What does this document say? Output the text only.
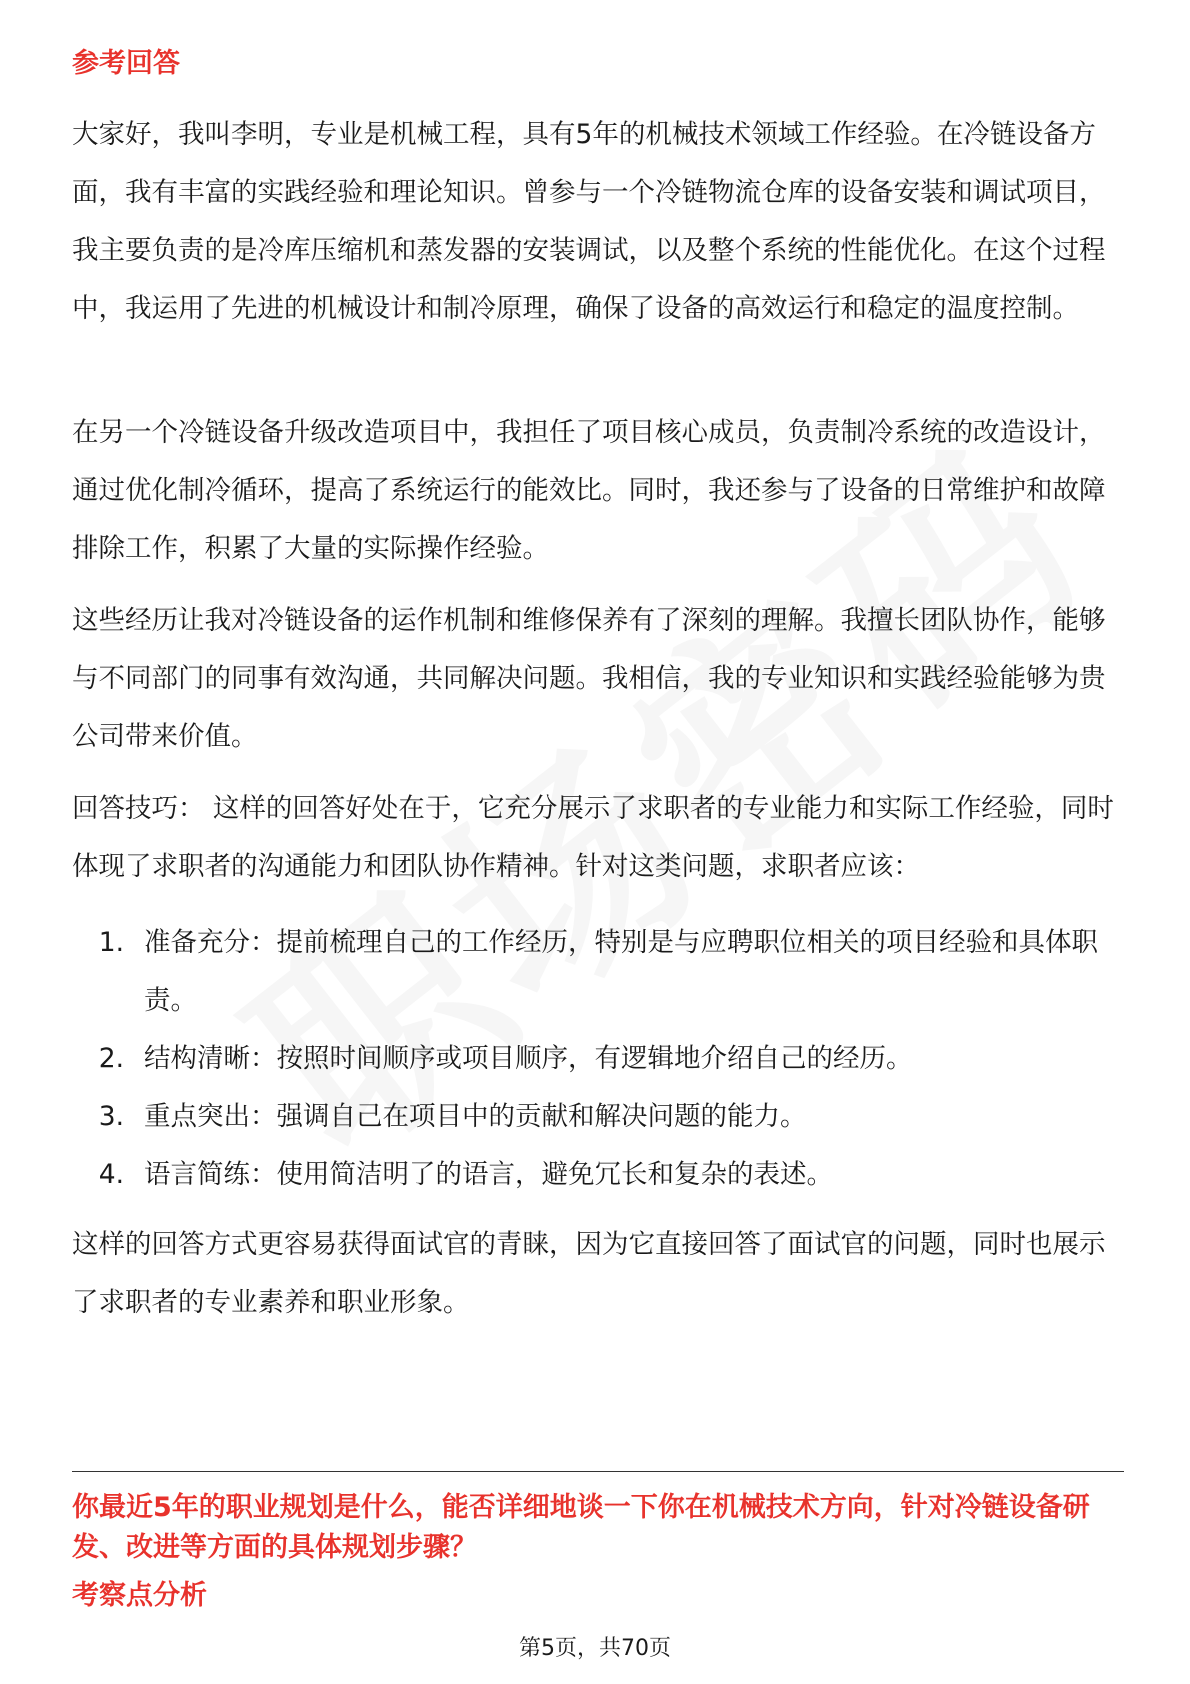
参考回答

大家好，我叫李明，专业是机械工程，具有5年的机械技术领域工作经验。在冷链设备方面，我有丰富的实践经验和理论知识。曾参与一个冷链物流仓库的设备安装和调试项目，我主要负责的是冷库压缩机和蒸发器的安装调试，以及整个系统的性能优化。在这个过程中，我运用了先进的机械设计和制冷原理，确保了设备的高效运行和稳定的温度控制。

在另一个冷链设备升级改造项目中，我担任了项目核心成员，负责制冷系统的改造设计，通过优化制冷循环，提高了系统运行的能效比。同时，我还参与了设备的日常维护和故障排除工作，积累了大量的实际操作经验。

这些经历让我对冷链设备的运作机制和维修保养有了深刻的理解。我擅长团队协作，能够与不同部门的同事有效沟通，共同解决问题。我相信，我的专业知识和实践经验能够为贵公司带来价值。

回答技巧： 这样的回答好处在于，它充分展示了求职者的专业能力和实际工作经验，同时体现了求职者的沟通能力和团队协作精神。针对这类问题，求职者应该：

1. 准备充分：提前梳理自己的工作经历，特别是与应聘职位相关的项目经验和具体职责。
2. 结构清晰：按照时间顺序或项目顺序，有逻辑地介绍自己的经历。
3. 重点突出：强调自己在项目中的贡献和解决问题的能力。
4. 语言简练：使用简洁明了的语言，避免冗长和复杂的表述。

这样的回答方式更容易获得面试官的青睐，因为它直接回答了面试官的问题，同时也展示了求职者的专业素养和职业形象。

你最近5年的职业规划是什么，能否详细地谈一下你在机械技术方向，针对冷链设备研发、改进等方面的具体规划步骤？
考察点分析
第5页，共70页
